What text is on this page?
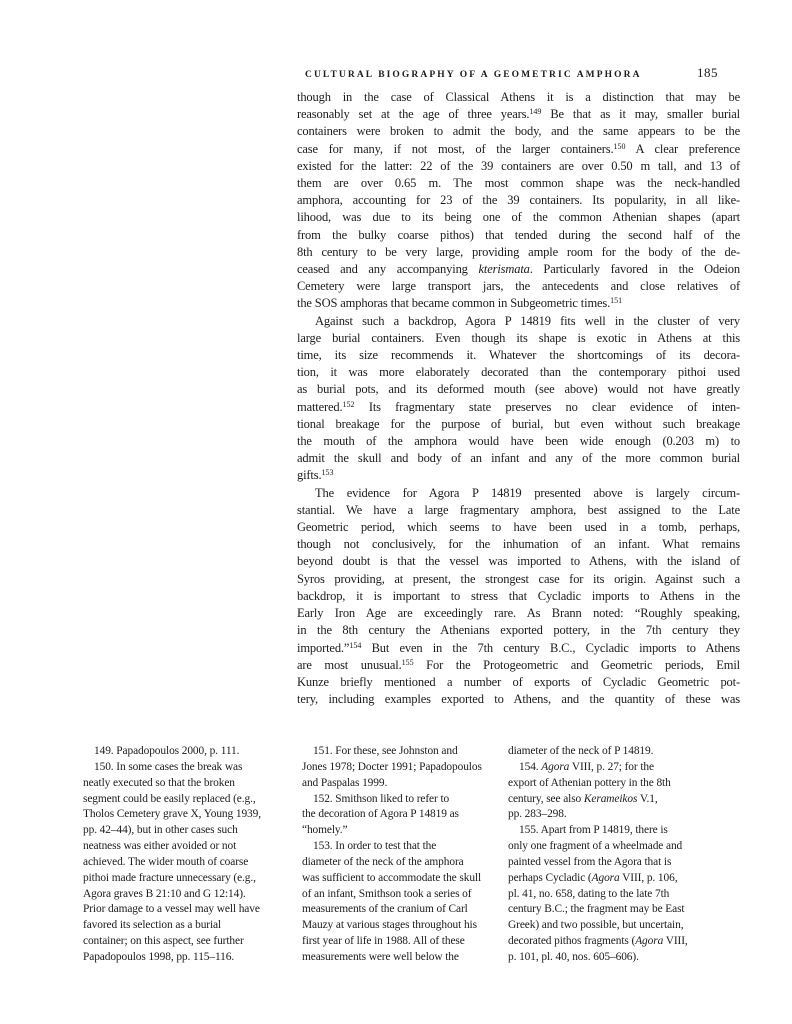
CULTURAL BIOGRAPHY OF A GEOMETRIC AMPHORA	185
though in the case of Classical Athens it is a distinction that may be
reasonably set at the age of three years.$^{149}$ Be that as it may, smaller burial
containers were broken to admit the body, and the same appears to be the
case for many, if not most, of the larger containers.$^{150}$ A clear preference
existed for the latter: 22 of the 39 containers are over 0.50 m tall, and 13 of
them are over 0.65 m. The most common shape was the neck-handled
amphora, accounting for 23 of the 39 containers. Its popularity, in all like-
lihood, was due to its being one of the common Athenian shapes (apart
from the bulky coarse pithos) that tended during the second half of the
8th century to be very large, providing ample room for the body of the de-
ceased and any accompanying kterismata. Particularly favored in the Odeion
Cemetery were large transport jars, the antecedents and close relatives of
the SOS amphoras that became common in Subgeometric times.$^{151}$
Against such a backdrop, Agora P 14819 fits well in the cluster of very
large burial containers. Even though its shape is exotic in Athens at this
time, its size recommends it. Whatever the shortcomings of its decora-
tion, it was more elaborately decorated than the contemporary pithoi used
as burial pots, and its deformed mouth (see above) would not have greatly
mattered.$^{152}$ Its fragmentary state preserves no clear evidence of inten-
tional breakage for the purpose of burial, but even without such breakage
the mouth of the amphora would have been wide enough (0.203 m) to
admit the skull and body of an infant and any of the more common burial
gifts.$^{153}$
The evidence for Agora P 14819 presented above is largely circum-
stantial. We have a large fragmentary amphora, best assigned to the Late
Geometric period, which seems to have been used in a tomb, perhaps,
though not conclusively, for the inhumation of an infant. What remains
beyond doubt is that the vessel was imported to Athens, with the island of
Syros providing, at present, the strongest case for its origin. Against such a
backdrop, it is important to stress that Cycladic imports to Athens in the
Early Iron Age are exceedingly rare. As Brann noted: “Roughly speaking,
in the 8th century the Athenians exported pottery, in the 7th century they
imported.”$^{154}$ But even in the 7th century B.C., Cycladic imports to Athens
are most unusual.$^{155}$ For the Protogeometric and Geometric periods, Emil
Kunze briefly mentioned a number of exports of Cycladic Geometric pot-
tery, including examples exported to Athens, and the quantity of these was
149. Papadopoulos 2000, p. 111.
150. In some cases the break was
neatly executed so that the broken
segment could be easily replaced (e.g.,
Tholos Cemetery grave X, Young 1939,
pp. 42–44), but in other cases such
neatness was either avoided or not
achieved. The wider mouth of coarse
pithoi made fracture unnecessary (e.g.,
Agora graves B 21:10 and G 12:14).
Prior damage to a vessel may well have
favored its selection as a burial
container; on this aspect, see further
Papadopoulos 1998, pp. 115–116.
151. For these, see Johnston and
Jones 1978; Docter 1991; Papadopoulos
and Paspalas 1999.
152. Smithson liked to refer to
the decoration of Agora P 14819 as
“homely.”
153. In order to test that the
diameter of the neck of the amphora
was sufficient to accommodate the skull
of an infant, Smithson took a series of
measurements of the cranium of Carl
Mauzy at various stages throughout his
first year of life in 1988. All of these
measurements were well below the
diameter of the neck of P 14819.
154. Agora VIII, p. 27; for the
export of Athenian pottery in the 8th
century, see also Kerameikos V.1,
pp. 283–298.
155. Apart from P 14819, there is
only one fragment of a wheelmade and
painted vessel from the Agora that is
perhaps Cycladic (Agora VIII, p. 106,
pl. 41, no. 658, dating to the late 7th
century B.C.; the fragment may be East
Greek) and two possible, but uncertain,
decorated pithos fragments (Agora VIII,
p. 101, pl. 40, nos. 605–606).
